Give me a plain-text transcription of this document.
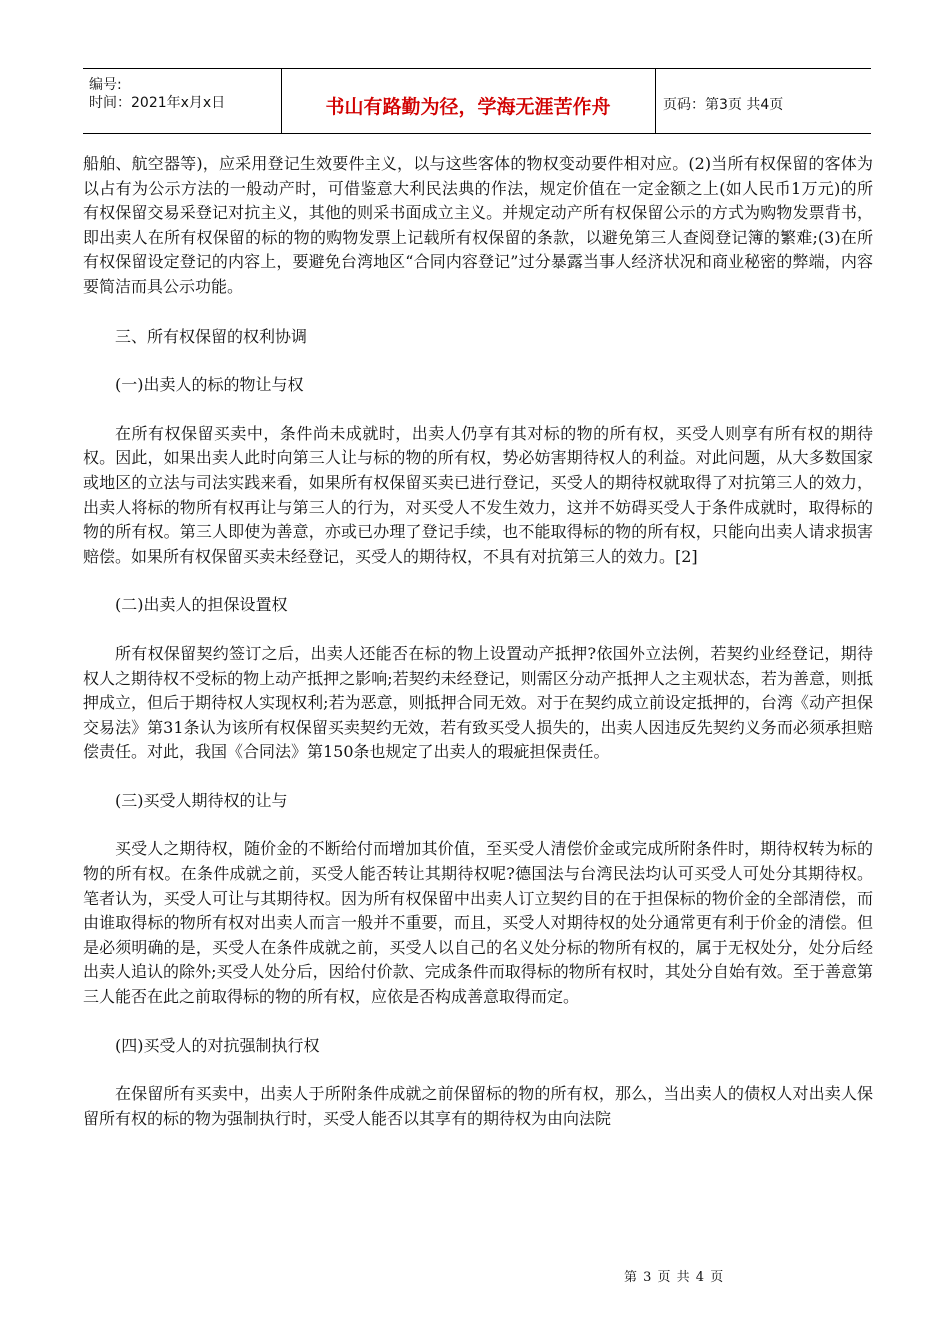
编号:
时间：2021年x月x日	书山有路勤为径，学海无涯苦作舟	页码：第3页 共4页

船舶、航空器等)，应采用登记生效要件主义，以与这些客体的物权变动要件相对应。(2)当所有权保留的客体为以占有为公示方法的一般动产时，可借鉴意大利民法典的作法，规定价值在一定金额之上(如人民币1万元)的所有权保留交易采登记对抗主义，其他的则采书面成立主义。并规定动产所有权保留公示的方式为购物发票背书，即出卖人在所有权保留的标的物的购物发票上记载所有权保留的条款，以避免第三人查阅登记簿的繁难;(3)在所有权保留设定登记的内容上，要避免台湾地区“合同内容登记”过分暴露当事人经济状况和商业秘密的弊端，内容要简洁而具公示功能。

三、所有权保留的权利协调

(一)出卖人的标的物让与权

在所有权保留买卖中，条件尚未成就时，出卖人仍享有其对标的物的所有权，买受人则享有所有权的期待权。因此，如果出卖人此时向第三人让与标的物的所有权，势必妨害期待权人的利益。对此问题，从大多数国家或地区的立法与司法实践来看，如果所有权保留买卖已进行登记，买受人的期待权就取得了对抗第三人的效力，出卖人将标的物所有权再让与第三人的行为，对买受人不发生效力，这并不妨碍买受人于条件成就时，取得标的物的所有权。第三人即使为善意，亦或已办理了登记手续，也不能取得标的物的所有权，只能向出卖人请求损害赔偿。如果所有权保留买卖未经登记，买受人的期待权，不具有对抗第三人的效力。[2]

(二)出卖人的担保设置权

所有权保留契约签订之后，出卖人还能否在标的物上设置动产抵押?依国外立法例，若契约业经登记，期待权人之期待权不受标的物上动产抵押之影响;若契约未经登记，则需区分动产抵押人之主观状态，若为善意，则抵押成立，但后于期待权人实现权利;若为恶意，则抵押合同无效。对于在契约成立前设定抵押的，台湾《动产担保交易法》第31条认为该所有权保留买卖契约无效，若有致买受人损失的，出卖人因违反先契约义务而必须承担赔偿责任。对此，我国《合同法》第150条也规定了出卖人的瑕疵担保责任。

(三)买受人期待权的让与

买受人之期待权，随价金的不断给付而增加其价值，至买受人清偿价金或完成所附条件时，期待权转为标的物的所有权。在条件成就之前，买受人能否转让其期待权呢?德国法与台湾民法均认可买受人可处分其期待权。笔者认为，买受人可让与其期待权。因为所有权保留中出卖人订立契约目的在于担保标的物价金的全部清偿，而由谁取得标的物所有权对出卖人而言一般并不重要，而且，买受人对期待权的处分通常更有利于价金的清偿。但是必须明确的是，买受人在条件成就之前，买受人以自己的名义处分标的物所有权的，属于无权处分，处分后经出卖人追认的除外;买受人处分后，因给付价款、完成条件而取得标的物所有权时，其处分自始有效。至于善意第三人能否在此之前取得标的物的所有权，应依是否构成善意取得而定。

(四)买受人的对抗强制执行权

在保留所有买卖中，出卖人于所附条件成就之前保留标的物的所有权，那么，当出卖人的债权人对出卖人保留所有权的标的物为强制执行时，买受人能否以其享有的期待权为由向法院

第 3 页 共 4 页
